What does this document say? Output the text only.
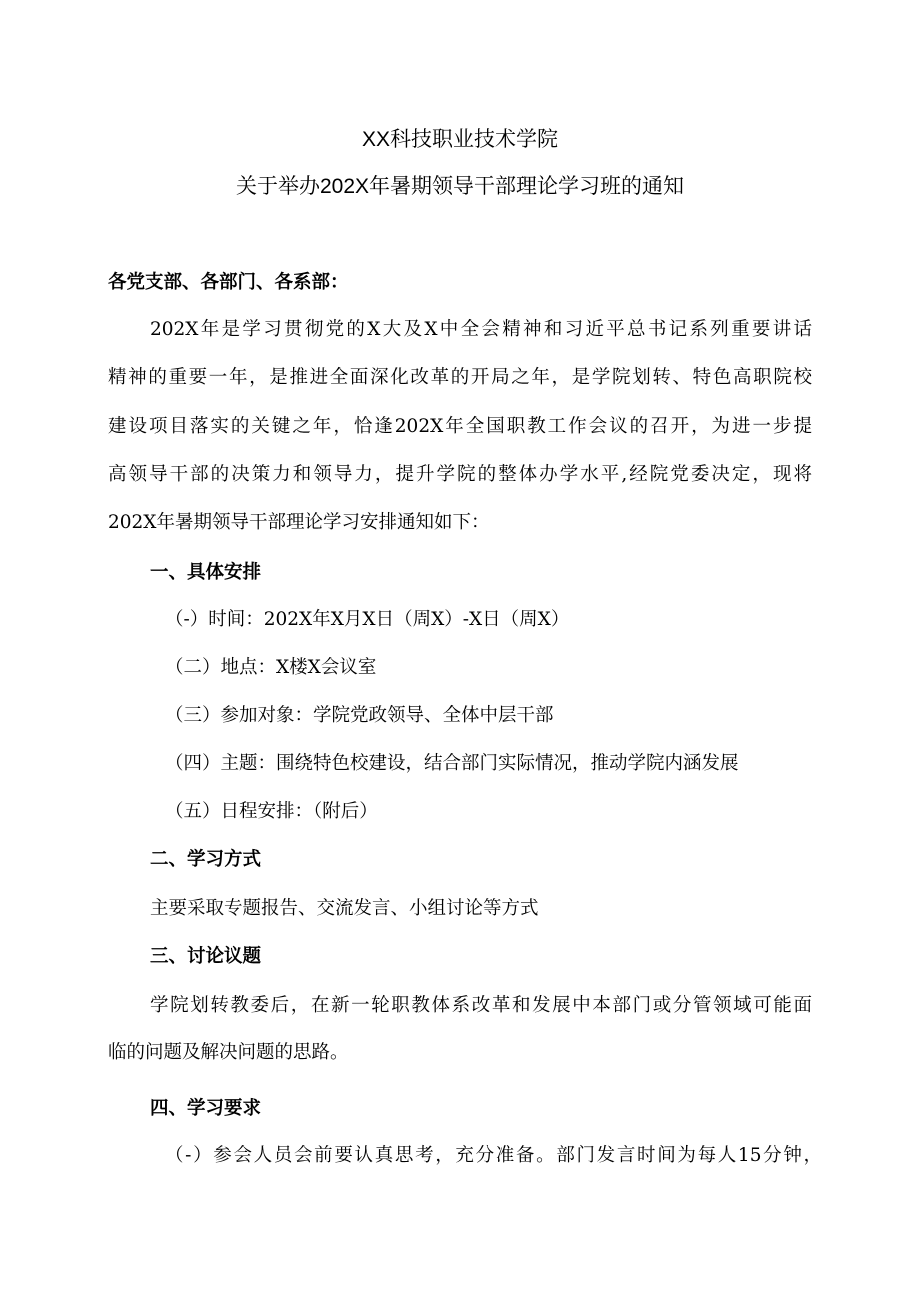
XX科技职业技术学院
关于举办202X年暑期领导干部理论学习班的通知
各党支部、各部门、各系部：
202X年是学习贯彻党的X大及X中全会精神和习近平总书记系列重要讲话
精神的重要一年，是推进全面深化改革的开局之年，是学院划转、特色高职院校
建设项目落实的关键之年，恰逢202X年全国职教工作会议的召开，为进一步提
高领导干部的决策力和领导力，提升学院的整体办学水平,经院党委决定，现将
202X年暑期领导干部理论学习安排通知如下：
一、具体安排
（-）时间：202X年X月X日（周X）-X日（周X）
（二）地点：X楼X会议室
（三）参加对象：学院党政领导、全体中层干部
（四）主题：围绕特色校建设，结合部门实际情况，推动学院内涵发展
（五）日程安排：（附后）
二、学习方式
主要采取专题报告、交流发言、小组讨论等方式
三、讨论议题
学院划转教委后，在新一轮职教体系改革和发展中本部门或分管领域可能面
临的问题及解决问题的思路。
四、学习要求
（-）参会人员会前要认真思考，充分准备。部门发言时间为每人15分钟，
